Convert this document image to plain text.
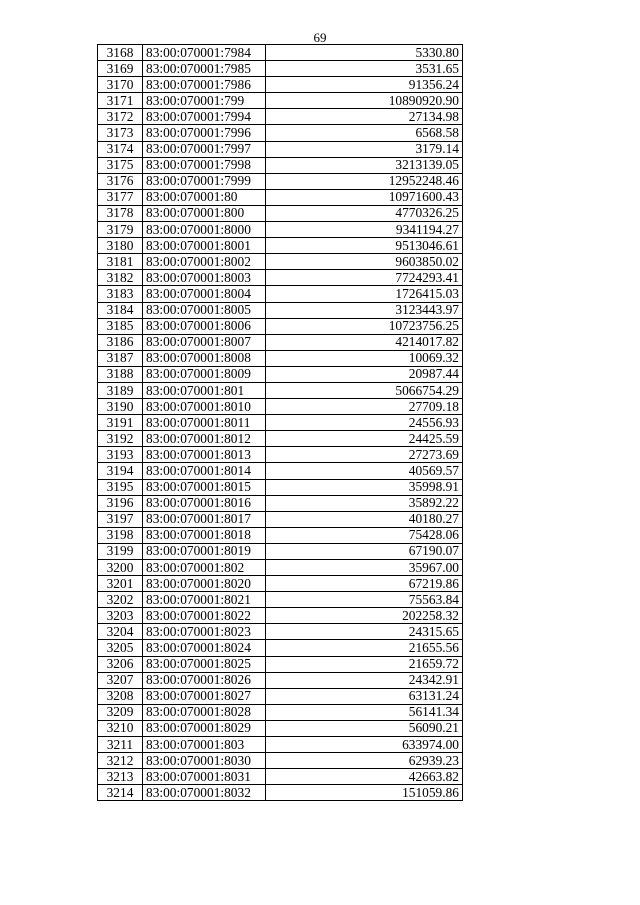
69
3168	83:00:070001:7984	5330.80
3169	83:00:070001:7985	3531.65
3170	83:00:070001:7986	91356.24
3171	83:00:070001:799	10890920.90
3172	83:00:070001:7994	27134.98
3173	83:00:070001:7996	6568.58
3174	83:00:070001:7997	3179.14
3175	83:00:070001:7998	3213139.05
3176	83:00:070001:7999	12952248.46
3177	83:00:070001:80	10971600.43
3178	83:00:070001:800	4770326.25
3179	83:00:070001:8000	9341194.27
3180	83:00:070001:8001	9513046.61
3181	83:00:070001:8002	9603850.02
3182	83:00:070001:8003	7724293.41
3183	83:00:070001:8004	1726415.03
3184	83:00:070001:8005	3123443.97
3185	83:00:070001:8006	10723756.25
3186	83:00:070001:8007	4214017.82
3187	83:00:070001:8008	10069.32
3188	83:00:070001:8009	20987.44
3189	83:00:070001:801	5066754.29
3190	83:00:070001:8010	27709.18
3191	83:00:070001:8011	24556.93
3192	83:00:070001:8012	24425.59
3193	83:00:070001:8013	27273.69
3194	83:00:070001:8014	40569.57
3195	83:00:070001:8015	35998.91
3196	83:00:070001:8016	35892.22
3197	83:00:070001:8017	40180.27
3198	83:00:070001:8018	75428.06
3199	83:00:070001:8019	67190.07
3200	83:00:070001:802	35967.00
3201	83:00:070001:8020	67219.86
3202	83:00:070001:8021	75563.84
3203	83:00:070001:8022	202258.32
3204	83:00:070001:8023	24315.65
3205	83:00:070001:8024	21655.56
3206	83:00:070001:8025	21659.72
3207	83:00:070001:8026	24342.91
3208	83:00:070001:8027	63131.24
3209	83:00:070001:8028	56141.34
3210	83:00:070001:8029	56090.21
3211	83:00:070001:803	633974.00
3212	83:00:070001:8030	62939.23
3213	83:00:070001:8031	42663.82
3214	83:00:070001:8032	151059.86
